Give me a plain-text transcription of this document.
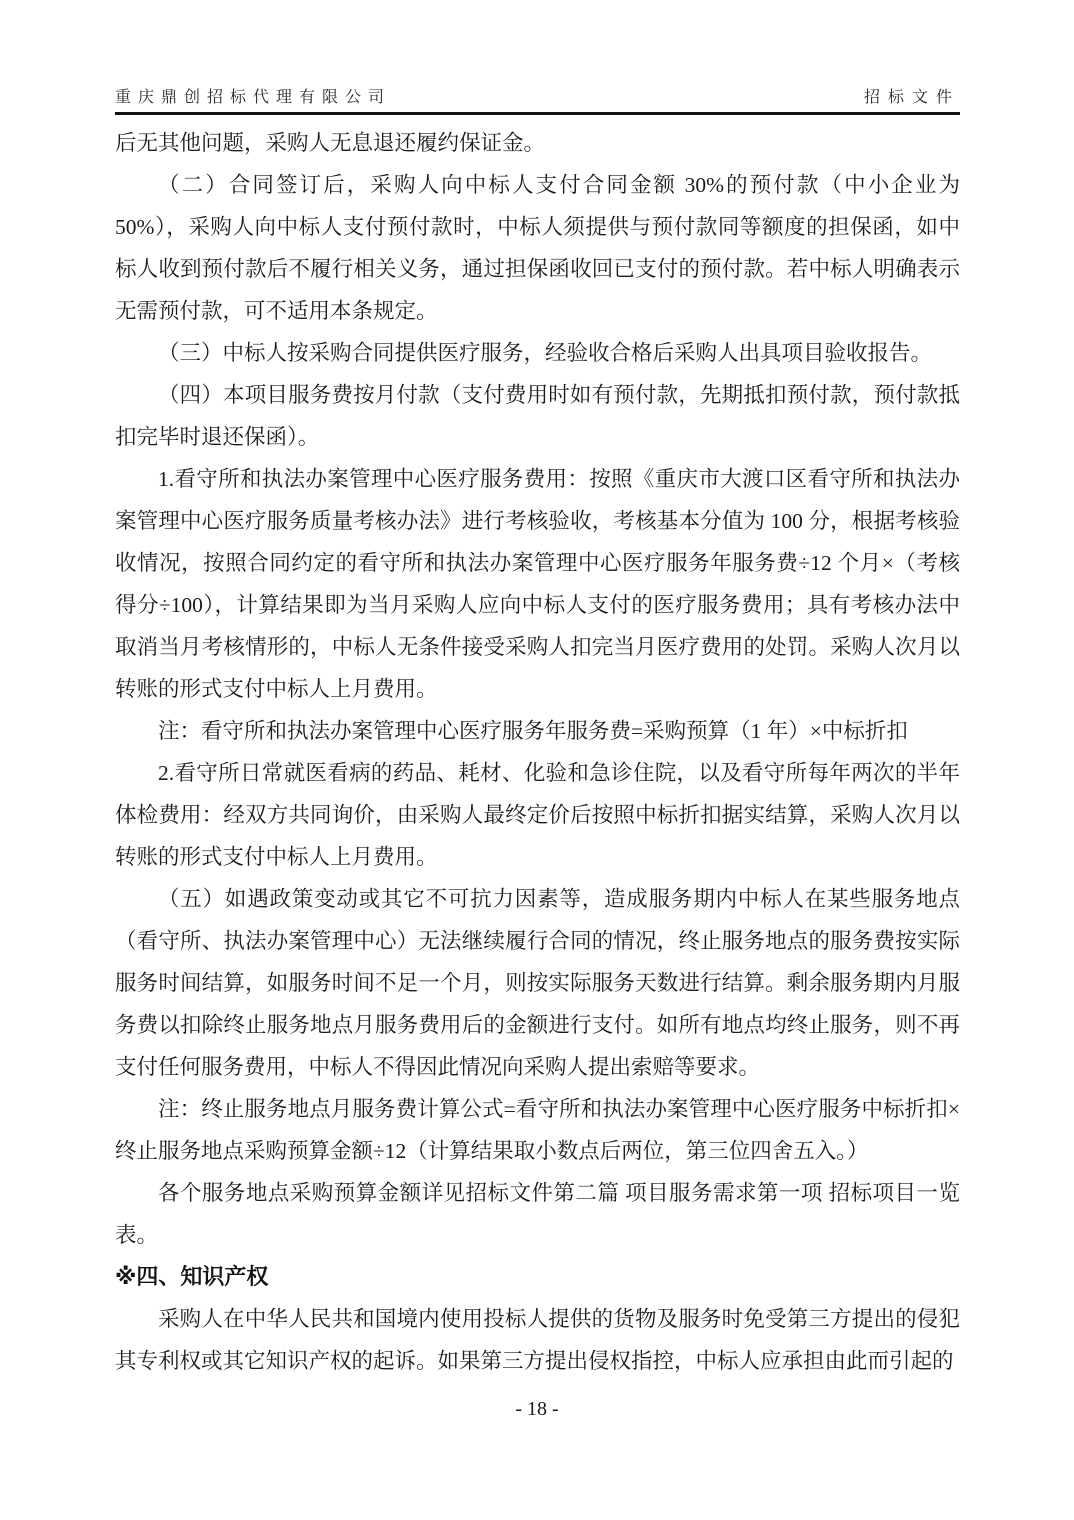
重庆鼎创招标代理有限公司	招标文件

后无其他问题，采购人无息退还履约保证金。

（二）合同签订后，采购人向中标人支付合同金额 30%的预付款（中小企业为 50%），采购人向中标人支付预付款时，中标人须提供与预付款同等额度的担保函，如中标人收到预付款后不履行相关义务，通过担保函收回已支付的预付款。若中标人明确表示无需预付款，可不适用本条规定。

（三）中标人按采购合同提供医疗服务，经验收合格后采购人出具项目验收报告。

（四）本项目服务费按月付款（支付费用时如有预付款，先期抵扣预付款，预付款抵扣完毕时退还保函）。

1.看守所和执法办案管理中心医疗服务费用：按照《重庆市大渡口区看守所和执法办案管理中心医疗服务质量考核办法》进行考核验收，考核基本分值为 100 分，根据考核验收情况，按照合同约定的看守所和执法办案管理中心医疗服务年服务费÷12 个月×（考核得分÷100），计算结果即为当月采购人应向中标人支付的医疗服务费用；具有考核办法中取消当月考核情形的，中标人无条件接受采购人扣完当月医疗费用的处罚。采购人次月以转账的形式支付中标人上月费用。

注：看守所和执法办案管理中心医疗服务年服务费=采购预算（1 年）×中标折扣

2.看守所日常就医看病的药品、耗材、化验和急诊住院，以及看守所每年两次的半年体检费用：经双方共同询价，由采购人最终定价后按照中标折扣据实结算，采购人次月以转账的形式支付中标人上月费用。

（五）如遇政策变动或其它不可抗力因素等，造成服务期内中标人在某些服务地点（看守所、执法办案管理中心）无法继续履行合同的情况，终止服务地点的服务费按实际服务时间结算，如服务时间不足一个月，则按实际服务天数进行结算。剩余服务期内月服务费以扣除终止服务地点月服务费用后的金额进行支付。如所有地点均终止服务，则不再支付任何服务费用，中标人不得因此情况向采购人提出索赔等要求。

注：终止服务地点月服务费计算公式=看守所和执法办案管理中心医疗服务中标折扣×终止服务地点采购预算金额÷12（计算结果取小数点后两位，第三位四舍五入。）

各个服务地点采购预算金额详见招标文件第二篇 项目服务需求第一项 招标项目一览表。

※四、知识产权

采购人在中华人民共和国境内使用投标人提供的货物及服务时免受第三方提出的侵犯其专利权或其它知识产权的起诉。如果第三方提出侵权指控，中标人应承担由此而引起的

- 18 -
